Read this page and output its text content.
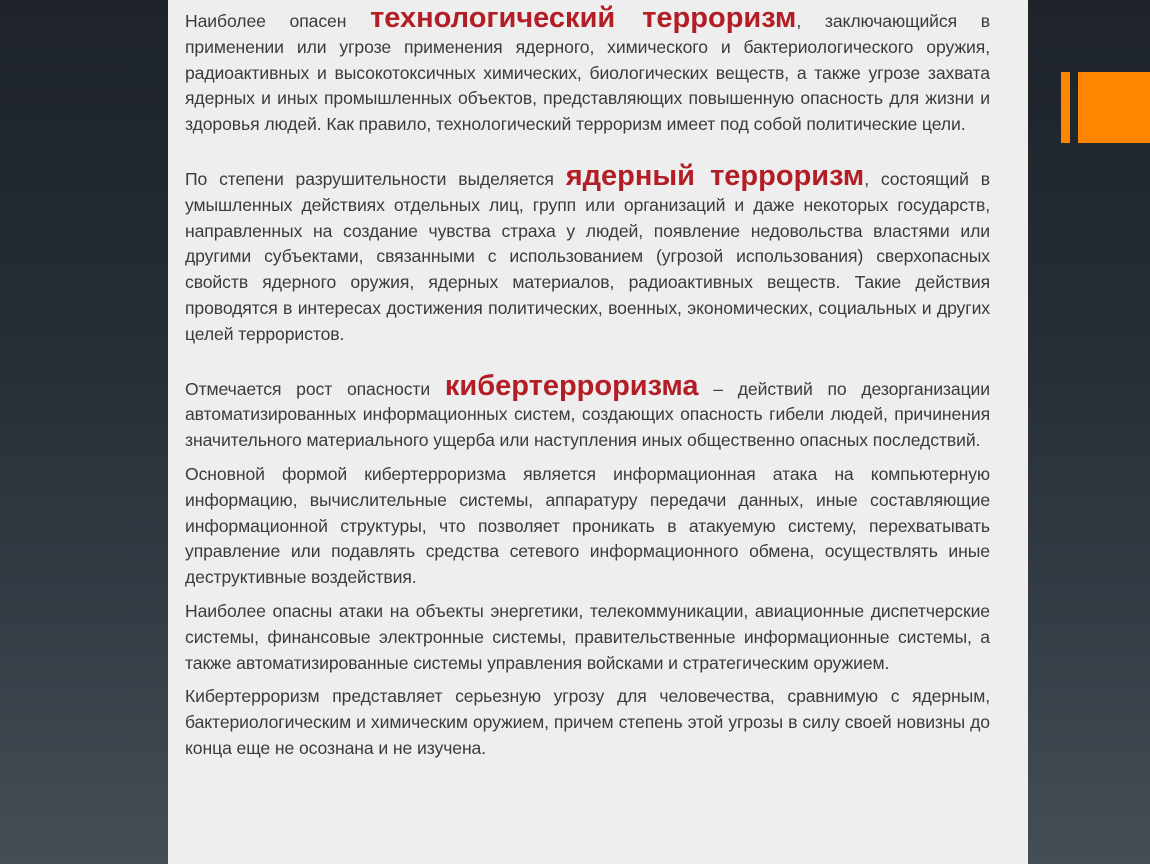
Наиболее опасен технологический терроризм, заключающийся в применении или угрозе применения ядерного, химического и бактериологического оружия, радиоактивных и высокотоксичных химических, биологических веществ, а также угрозе захвата ядерных и иных промышленных объектов, представляющих повышенную опасность для жизни и здоровья людей. Как правило, технологический терроризм имеет под собой политические цели.

По степени разрушительности выделяется ядерный терроризм, состоящий в умышленных действиях отдельных лиц, групп или организаций и даже некоторых государств, направленных на создание чувства страха у людей, появление недовольства властями или другими субъектами, связанными с использованием (угрозой использования) сверхопасных свойств ядерного оружия, ядерных материалов, радиоактивных веществ. Такие действия проводятся в интересах достижения политических, военных, экономических, социальных и других целей террористов.

Отмечается рост опасности кибертерроризма – действий по дезорганизации автоматизированных информационных систем, создающих опасность гибели людей, причинения значительного материального ущерба или наступления иных общественно опасных последствий.

Основной формой кибертерроризма является информационная атака на компьютерную информацию, вычислительные системы, аппаратуру передачи данных, иные составляющие информационной структуры, что позволяет проникать в атакуемую систему, перехватывать управление или подавлять средства сетевого информационного обмена, осуществлять иные деструктивные воздействия.

Наиболее опасны атаки на объекты энергетики, телекоммуникации, авиационные диспетчерские системы, финансовые электронные системы, правительственные информационные системы, а также автоматизированные системы управления войсками и стратегическим оружием.

Кибертерроризм представляет серьезную угрозу для человечества, сравнимую с ядерным, бактериологическим и химическим оружием, причем степень этой угрозы в силу своей новизны до конца еще не осознана и не изучена.
